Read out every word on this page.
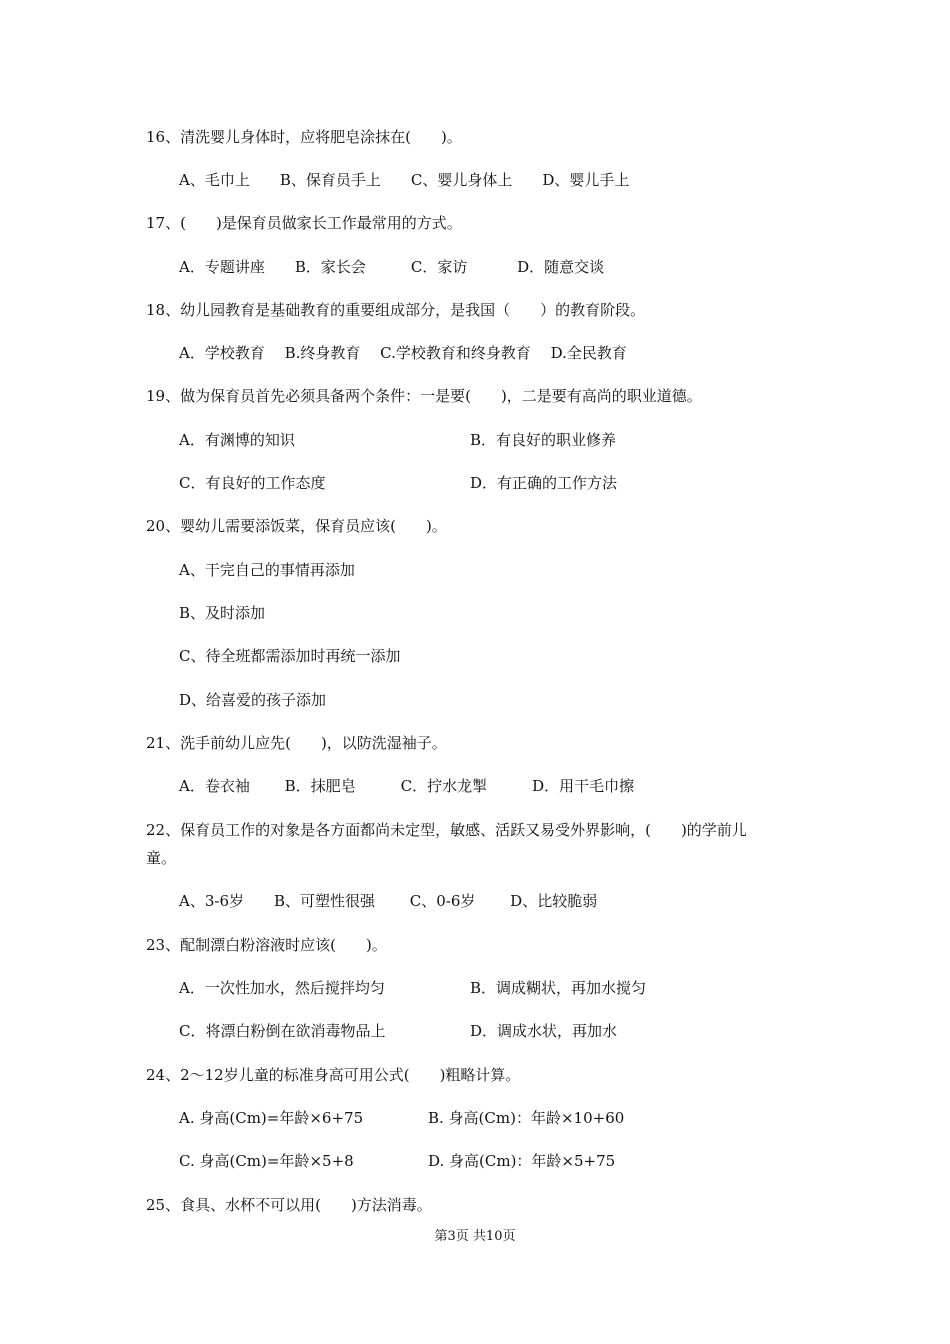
16、清洗婴儿身体时，应将肥皂涂抹在(　　)。
A、毛巾上　　B、保育员手上　　C、婴儿身体上　　D、婴儿手上
17、(　　)是保育员做家长工作最常用的方式。
A．专题讲座　　B．家长会　　　C．家访　　　 D．随意交谈
18、幼儿园教育是基础教育的重要组成部分，是我国（　　）的教育阶段。
A．学校教育　 B.终身教育　 C.学校教育和终身教育　 D.全民教育
19、做为保育员首先必须具备两个条件：一是要(　　)，二是要有高尚的职业道德。
A．有渊博的知识	B．有良好的职业修养
C．有良好的工作态度	D．有正确的工作方法
20、婴幼儿需要添饭菜，保育员应该(　　)。
A、干完自己的事情再添加
B、及时添加
C、待全班都需添加时再统一添加
D、给喜爱的孩子添加
21、洗手前幼儿应先(　　)，以防洗湿袖子。
A．卷衣袖　　 B．抹肥皂　　　C．拧水龙掣　　　D．用干毛巾擦
22、保育员工作的对象是各方面都尚未定型，敏感、活跃又易受外界影响，(　　)的学前儿
童。
A、3-6岁　　B、可塑性很强　　 C、0-6岁　　 D、比较脆弱
23、配制漂白粉溶液时应该(　　)。
A．一次性加水，然后搅拌均匀	B．调成糊状，再加水搅匀
C．将漂白粉倒在欲消毒物品上	D．调成水状，再加水
24、2～12岁儿童的标准身高可用公式(　　)粗略计算。
A. 身高(Cm)=年龄×6+75	B. 身高(Cm)：年龄×10+60
C. 身高(Cm)=年龄×5+8	D. 身高(Cm)：年龄×5+75
25、食具、水杯不可以用(　　)方法消毒。
第3页 共10页
